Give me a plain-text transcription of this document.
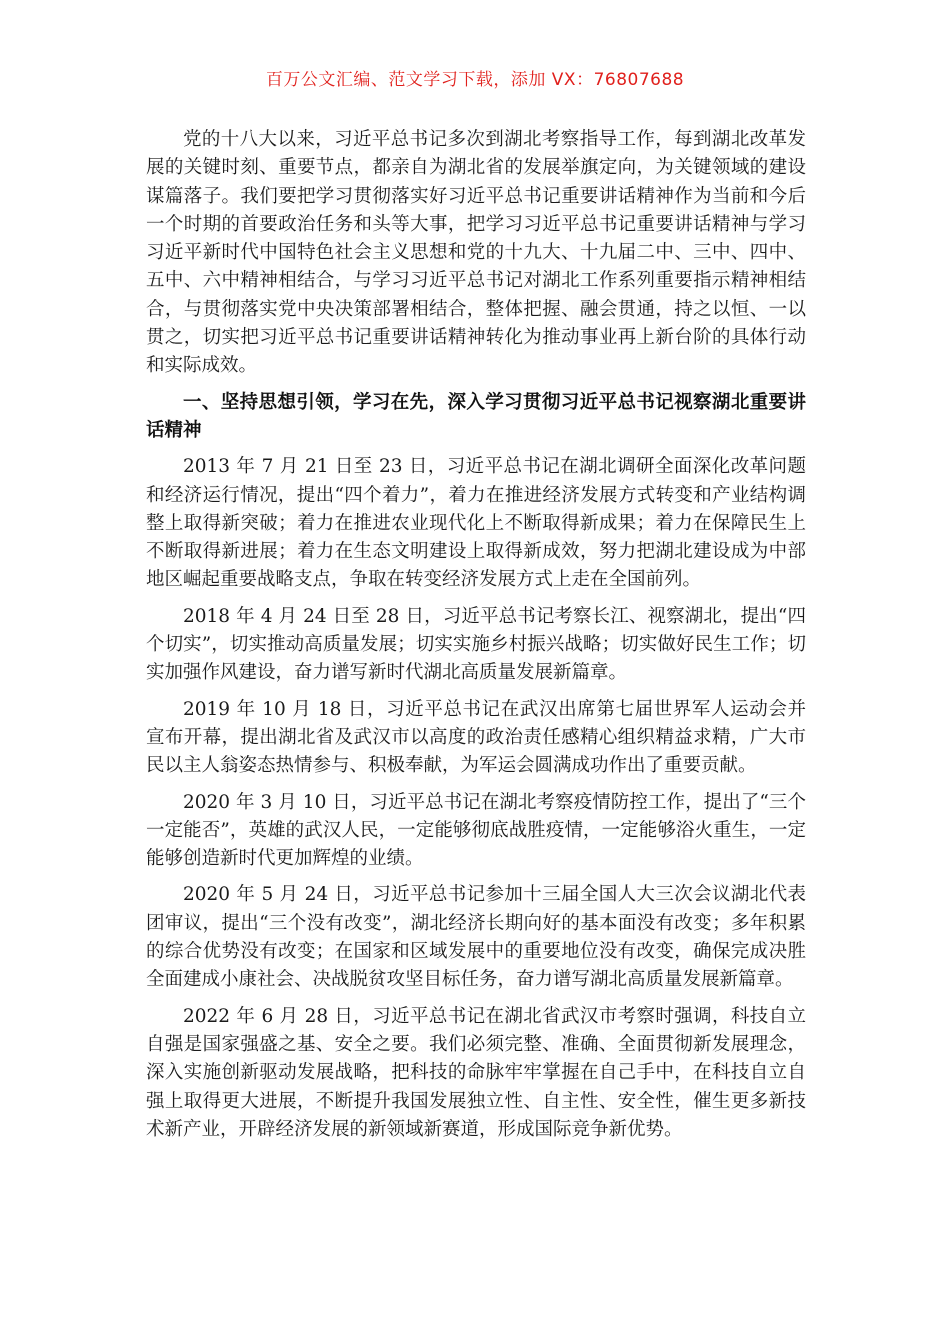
百万公文汇编、范文学习下载，添加 VX：76807688

党的十八大以来，习近平总书记多次到湖北考察指导工作，每到湖北改革发展的关键时刻、重要节点，都亲自为湖北省的发展举旗定向，为关键领域的建设谋篇落子。我们要把学习贯彻落实好习近平总书记重要讲话精神作为当前和今后一个时期的首要政治任务和头等大事，把学习习近平总书记重要讲话精神与学习习近平新时代中国特色社会主义思想和党的十九大、十九届二中、三中、四中、五中、六中精神相结合，与学习习近平总书记对湖北工作系列重要指示精神相结合，与贯彻落实党中央决策部署相结合，整体把握、融会贯通，持之以恒、一以贯之，切实把习近平总书记重要讲话精神转化为推动事业再上新台阶的具体行动和实际成效。

一、坚持思想引领，学习在先，深入学习贯彻习近平总书记视察湖北重要讲话精神

2013 年 7 月 21 日至 23 日，习近平总书记在湖北调研全面深化改革问题和经济运行情况，提出“四个着力”，着力在推进经济发展方式转变和产业结构调整上取得新突破；着力在推进农业现代化上不断取得新成果；着力在保障民生上不断取得新进展；着力在生态文明建设上取得新成效，努力把湖北建设成为中部地区崛起重要战略支点，争取在转变经济发展方式上走在全国前列。

2018 年 4 月 24 日至 28 日，习近平总书记考察长江、视察湖北，提出“四个切实”，切实推动高质量发展；切实实施乡村振兴战略；切实做好民生工作；切实加强作风建设，奋力谱写新时代湖北高质量发展新篇章。

2019 年 10 月 18 日，习近平总书记在武汉出席第七届世界军人运动会并宣布开幕，提出湖北省及武汉市以高度的政治责任感精心组织精益求精，广大市民以主人翁姿态热情参与、积极奉献，为军运会圆满成功作出了重要贡献。

2020 年 3 月 10 日，习近平总书记在湖北考察疫情防控工作，提出了“三个一定能否”，英雄的武汉人民，一定能够彻底战胜疫情，一定能够浴火重生，一定能够创造新时代更加辉煌的业绩。

2020 年 5 月 24 日，习近平总书记参加十三届全国人大三次会议湖北代表团审议，提出“三个没有改变”，湖北经济长期向好的基本面没有改变；多年积累的综合优势没有改变；在国家和区域发展中的重要地位没有改变，确保完成决胜全面建成小康社会、决战脱贫攻坚目标任务，奋力谱写湖北高质量发展新篇章。

2022 年 6 月 28 日，习近平总书记在湖北省武汉市考察时强调，科技自立自强是国家强盛之基、安全之要。我们必须完整、准确、全面贯彻新发展理念，深入实施创新驱动发展战略，把科技的命脉牢牢掌握在自己手中，在科技自立自强上取得更大进展，不断提升我国发展独立性、自主性、安全性，催生更多新技术新产业，开辟经济发展的新领域新赛道，形成国际竞争新优势。
